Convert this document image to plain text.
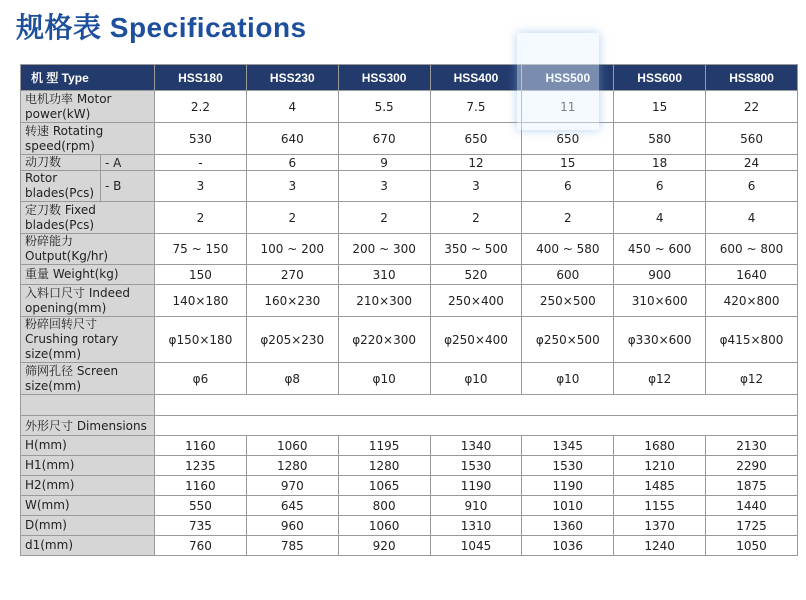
规格表 Specifications
机 型 Type		HSS180	HSS230	HSS300	HSS400	HSS500	HSS600	HSS800
电机功率 Motor power(kW)		2.2	4	5.5	7.5	11	15	22
转速 Rotating speed(rpm)		530	640	670	650	650	580	560
动刀数	- A	-	6	9	12	15	18	24
Rotor blades(Pcs)	- B	3	3	3	3	6	6	6
定刀数 Fixed blades(Pcs)		2	2	2	2	2	4	4
粉碎能力 Output(Kg/hr)		75 ~ 150	100 ~ 200	200 ~ 300	350 ~ 500	400 ~ 580	450 ~ 600	600 ~ 800
重量 Weight(kg)		150	270	310	520	600	900	1640
入料口尺寸 Indeed opening(mm)		140×180	160×230	210×300	250×400	250×500	310×600	420×800
粉碎回转尺寸 Crushing rotary size(mm)		φ150×180	φ205×230	φ220×300	φ250×400	φ250×500	φ330×600	φ415×800
筛网孔径 Screen size(mm)		φ6	φ8	φ10	φ10	φ10	φ12	φ12

外形尺寸 Dimensions								
H(mm)		1160	1060	1195	1340	1345	1680	2130
H1(mm)		1235	1280	1280	1530	1530	1210	2290
H2(mm)		1160	970	1065	1190	1190	1485	1875
W(mm)		550	645	800	910	1010	1155	1440
D(mm)		735	960	1060	1310	1360	1370	1725
d1(mm)		760	785	920	1045	1036	1240	1050
